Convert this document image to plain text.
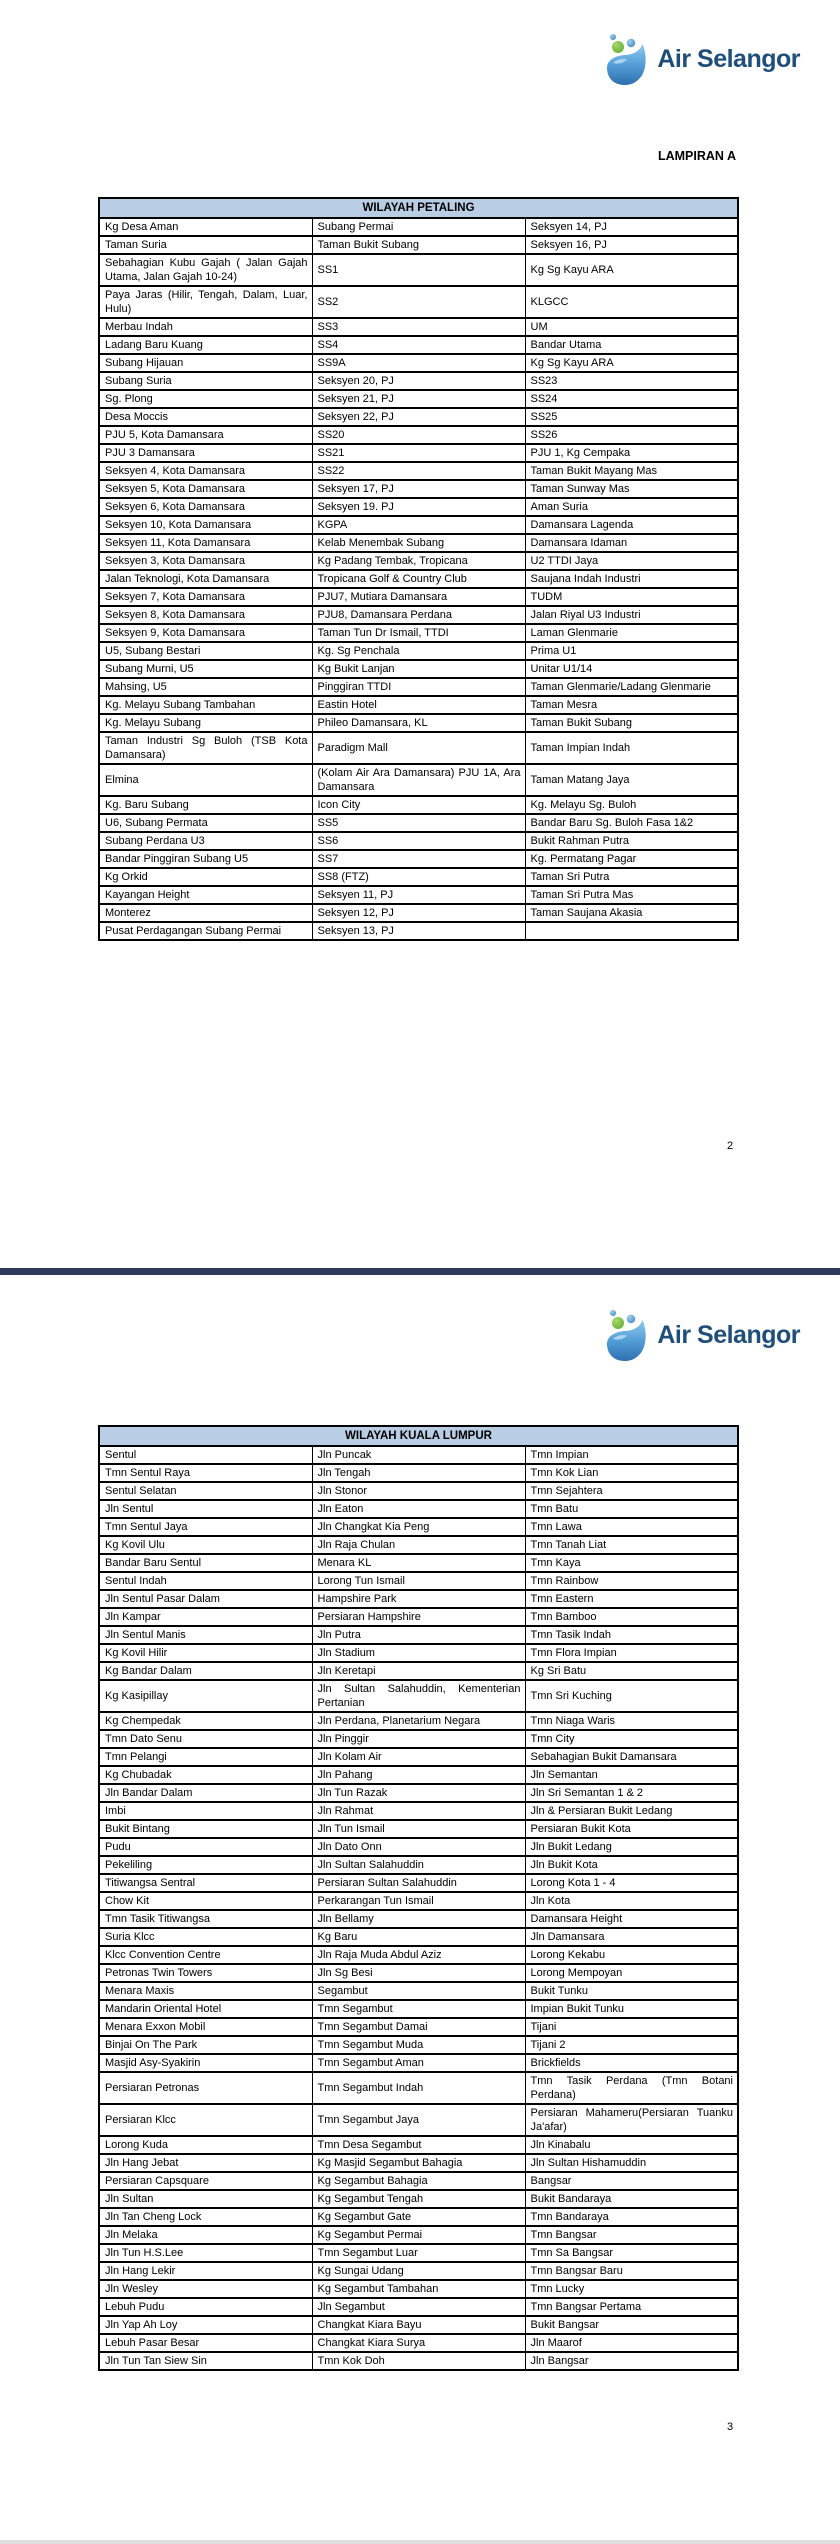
Air Selangor
LAMPIRAN A
WILAYAH PETALING		
Kg Desa Aman	Subang Permai	Seksyen 14, PJ
Taman Suria	Taman Bukit Subang	Seksyen 16, PJ
Sebahagian Kubu Gajah ( Jalan Gajah Utama, Jalan Gajah 10-24)	SS1	Kg Sg Kayu ARA
Paya Jaras (Hilir, Tengah, Dalam, Luar, Hulu)	SS2	KLGCC
Merbau Indah	SS3	UM
Ladang Baru Kuang	SS4	Bandar Utama
Subang Hijauan	SS9A	Kg Sg Kayu ARA
Subang Suria	Seksyen 20, PJ	SS23
Sg. Plong	Seksyen 21, PJ	SS24
Desa Moccis	Seksyen 22, PJ	SS25
PJU 5, Kota Damansara	SS20	SS26
PJU 3 Damansara	SS21	PJU 1, Kg Cempaka
Seksyen 4, Kota Damansara	SS22	Taman Bukit Mayang Mas
Seksyen 5, Kota Damansara	Seksyen 17, PJ	Taman Sunway Mas
Seksyen 6, Kota Damansara	Seksyen 19. PJ	Aman Suria
Seksyen 10, Kota Damansara	KGPA	Damansara Lagenda
Seksyen 11, Kota Damansara	Kelab Menembak Subang	Damansara Idaman
Seksyen 3, Kota Damansara	Kg Padang Tembak, Tropicana	U2 TTDI Jaya
Jalan Teknologi, Kota Damansara	Tropicana Golf & Country Club	Saujana Indah Industri
Seksyen 7, Kota Damansara	PJU7, Mutiara Damansara	TUDM
Seksyen 8, Kota Damansara	PJU8, Damansara Perdana	Jalan Riyal U3 Industri
Seksyen 9, Kota Damansara	Taman Tun Dr Ismail, TTDI	Laman Glenmarie
U5, Subang Bestari	Kg. Sg Penchala	Prima U1
Subang Murni, U5	Kg Bukit Lanjan	Unitar U1/14
Mahsing, U5	Pinggiran TTDI	Taman Glenmarie/Ladang Glenmarie
Kg. Melayu Subang Tambahan	Eastin Hotel	Taman Mesra
Kg. Melayu Subang	Phileo Damansara, KL	Taman Bukit Subang
Taman Industri Sg Buloh (TSB Kota Damansara)	Paradigm Mall	Taman Impian Indah
Elmina	(Kolam Air Ara Damansara) PJU 1A, Ara Damansara	Taman Matang Jaya
Kg. Baru Subang	Icon City	Kg. Melayu Sg. Buloh
U6, Subang Permata	SS5	Bandar Baru Sg. Buloh Fasa 1&2
Subang Perdana U3	SS6	Bukit Rahman Putra
Bandar Pinggiran Subang U5	SS7	Kg. Permatang Pagar
Kg Orkid	SS8 (FTZ)	Taman Sri Putra
Kayangan Height	Seksyen 11, PJ	Taman Sri Putra Mas
Monterez	Seksyen 12, PJ	Taman Saujana Akasia
Pusat Perdagangan Subang Permai	Seksyen 13, PJ	
2
Air Selangor
WILAYAH KUALA LUMPUR		
Sentul	Jln Puncak	Tmn Impian
Tmn Sentul Raya	Jln Tengah	Tmn Kok Lian
Sentul Selatan	Jln Stonor	Tmn Sejahtera
Jln Sentul	Jln Eaton	Tmn Batu
Tmn Sentul Jaya	Jln Changkat Kia Peng	Tmn Lawa
Kg Kovil Ulu	Jln Raja Chulan	Tmn Tanah Liat
Bandar Baru Sentul	Menara KL	Tmn Kaya
Sentul Indah	Lorong Tun Ismail	Tmn Rainbow
Jln Sentul Pasar Dalam	Hampshire Park	Tmn Eastern
Jln Kampar	Persiaran Hampshire	Tmn Bamboo
Jln Sentul Manis	Jln Putra	Tmn Tasik Indah
Kg Kovil Hilir	Jln Stadium	Tmn Flora Impian
Kg Bandar Dalam	Jln Keretapi	Kg Sri Batu
Kg Kasipillay	Jln Sultan Salahuddin, Kementerian Pertanian	Tmn Sri Kuching
Kg Chempedak	Jln Perdana, Planetarium Negara	Tmn Niaga Waris
Tmn Dato Senu	Jln Pinggir	Tmn City
Tmn Pelangi	Jln Kolam Air	Sebahagian Bukit Damansara
Kg Chubadak	Jln Pahang	Jln Semantan
Jln Bandar Dalam	Jln Tun Razak	Jln Sri Semantan 1 & 2
Imbi	Jln Rahmat	Jln & Persiaran Bukit Ledang
Bukit Bintang	Jln Tun Ismail	Persiaran Bukit Kota
Pudu	Jln Dato Onn	Jln Bukit Ledang
Pekeliling	Jln Sultan Salahuddin	Jln Bukit Kota
Titiwangsa Sentral	Persiaran Sultan Salahuddin	Lorong Kota 1 - 4
Chow Kit	Perkarangan Tun Ismail	Jln Kota
Tmn Tasik Titiwangsa	Jln Bellamy	Damansara Height
Suria Klcc	Kg Baru	Jln Damansara
Klcc Convention Centre	Jln Raja Muda Abdul Aziz	Lorong Kekabu
Petronas Twin Towers	Jln Sg Besi	Lorong Mempoyan
Menara Maxis	Segambut	Bukit Tunku
Mandarin Oriental Hotel	Tmn Segambut	Impian Bukit Tunku
Menara Exxon Mobil	Tmn Segambut Damai	Tijani
Binjai On The Park	Tmn Segambut Muda	Tijani 2
Masjid Asy-Syakirin	Tmn Segambut Aman	Brickfields
Persiaran Petronas	Tmn Segambut Indah	Tmn Tasik Perdana (Tmn Botani Perdana)
Persiaran Klcc	Tmn Segambut Jaya	Persiaran Mahameru(Persiaran Tuanku Ja'afar)
Lorong Kuda	Tmn Desa Segambut	Jln Kinabalu
Jln Hang Jebat	Kg Masjid Segambut Bahagia	Jln Sultan Hishamuddin
Persiaran Capsquare	Kg Segambut Bahagia	Bangsar
Jln Sultan	Kg Segambut Tengah	Bukit Bandaraya
Jln Tan Cheng Lock	Kg Segambut Gate	Tmn Bandaraya
Jln Melaka	Kg Segambut Permai	Tmn Bangsar
Jln Tun H.S.Lee	Tmn Segambut Luar	Tmn Sa Bangsar
Jln Hang Lekir	Kg Sungai Udang	Tmn Bangsar Baru
Jln Wesley	Kg Segambut Tambahan	Tmn Lucky
Lebuh Pudu	Jln Segambut	Tmn Bangsar Pertama
Jln Yap Ah Loy	Changkat Kiara Bayu	Bukit Bangsar
Lebuh Pasar Besar	Changkat Kiara Surya	Jln Maarof
Jln Tun Tan Siew Sin	Tmn Kok Doh	Jln Bangsar
3
